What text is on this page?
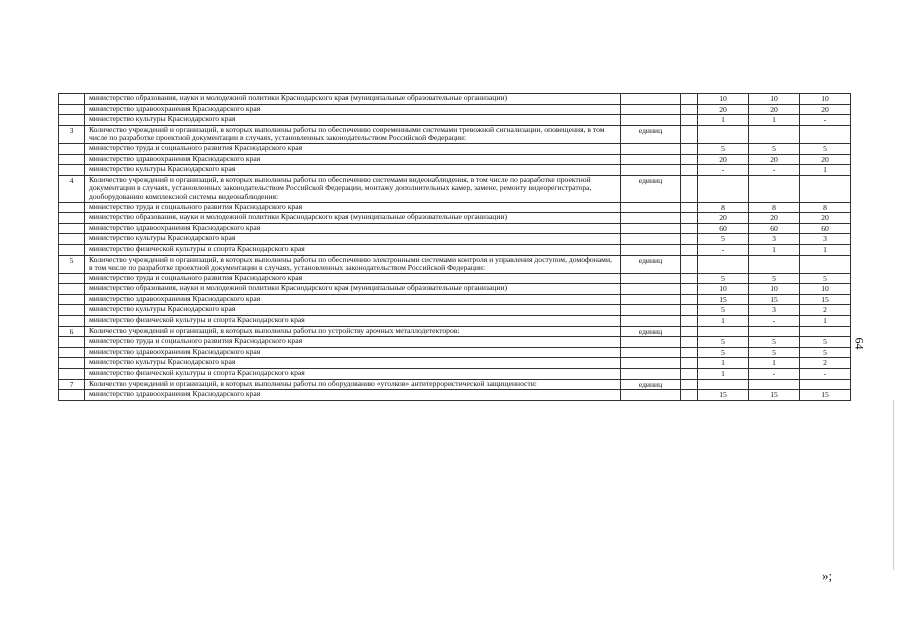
	министерство образования, науки и молодежной политики Краснодарского края (муниципальные образовательные организации)			10	10	10
	министерство здравоохранения Краснодарского края			20	20	20
	министерство культуры Краснодарского края			1	1	-
3	Количество учреждений и организаций, в которых выполнены работы по обеспечению современными системами тревожной сигнализации, оповещения, в том числе по разработке проектной документации в случаях, установленных законодательством Российской Федерации:	единиц				
	министерство труда и социального развития Краснодарского края			5	5	5
	министерство здравоохранения Краснодарского края			20	20	20
	министерство культуры Краснодарского края			-	-	1
4	Количество учреждений и организаций, в которых выполнены работы по обеспечению системами видеонаблюдения, в том числе по разработке проектной документации в случаях, установленных законодательством Российской Федерации, монтажу дополнительных камер, замене, ремонту видеорегистратора, дооборудованию комплексной системы видеонаблюдения:	единиц				
	министерство труда и социального развития Краснодарского края			8	8	8
	министерство образования, науки и молодежной политики Краснодарского края (муниципальные образовательные организации)			20	20	20
	министерство здравоохранения Краснодарского края			60	60	60
	министерство культуры Краснодарского края			5	3	3
	министерство физической культуры и спорта Краснодарского края			-	1	1
5	Количество учреждений и организаций, в которых выполнены работы по обеспечению электронными системами контроля и управления доступом, домофонами, в том числе по разработке проектной документации в случаях, установленных законодательством Российской Федерации:	единиц				
	министерство труда и социального развития Краснодарского края			5	5	5
	министерство образования, науки и молодежной политики Краснодарского края (муниципальные образовательные организации)			10	10	10
	министерство здравоохранения Краснодарского края			15	15	15
	министерство культуры Краснодарского края			5	3	2
	министерство физической культуры и спорта Краснодарского края			1	-	1
6	Количество учреждений и организаций, в которых выполнены работы по устройству арочных металлодетекторов:	единиц				
	министерство труда и социального развития Краснодарского края			5	5	5
	министерство здравоохранения Краснодарского края			5	5	5
	министерство культуры Краснодарского края			1	1	2
	министерство физической культуры и спорта Краснодарского края			1	-	-
7	Количество учреждений и организаций, в которых выполнены работы по оборудованию «уголков» антитеррористической защищенности:	единиц				
	министерство здравоохранения Краснодарского края			15	15	15
64
»;
